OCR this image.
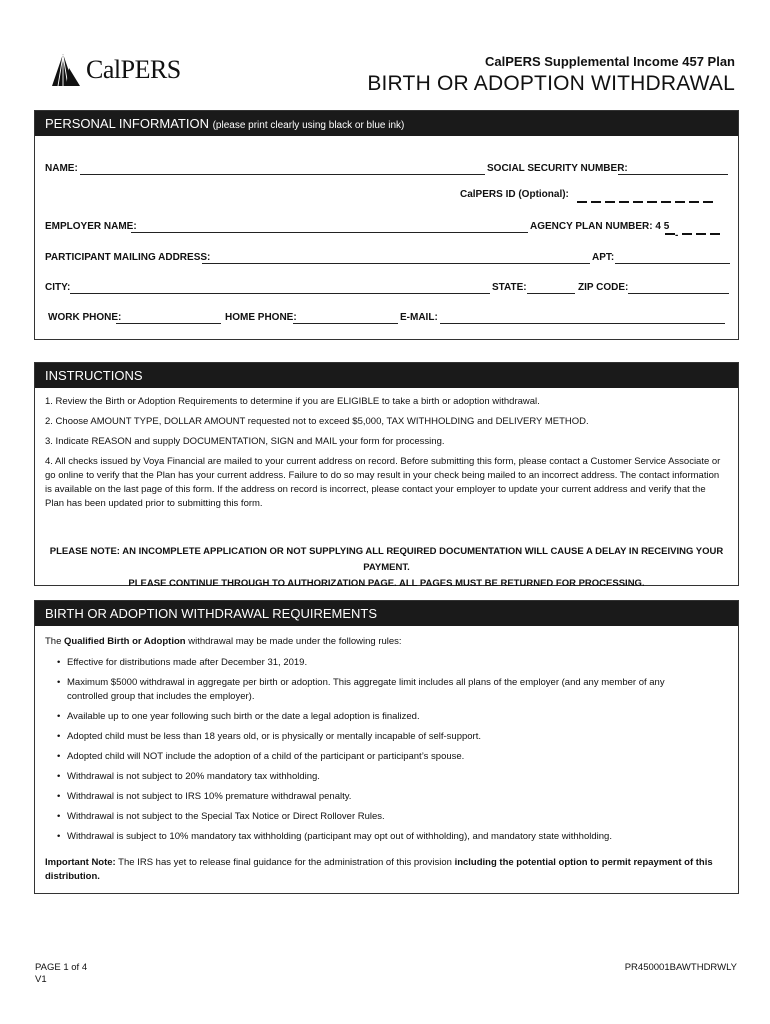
CalPERS	CalPERS Supplemental Income 457 Plan
BIRTH OR ADOPTION WITHDRAWAL
PERSONAL INFORMATION (please print clearly using black or blue ink)
NAME:	SOCIAL SECURITY NUMBER:
CalPERS ID (Optional):
EMPLOYER NAME:	AGENCY PLAN NUMBER: 4 5
-
PARTICIPANT MAILING ADDRESS:	APT:
CITY:	STATE:	ZIP CODE:
WORK PHONE:	HOME PHONE:	E-MAIL:
INSTRUCTIONS

1. Review the Birth or Adoption Requirements to determine if you are ELIGIBLE to take a birth or adoption withdrawal.

2. Choose AMOUNT TYPE, DOLLAR AMOUNT requested not to exceed $5,000, TAX WITHHOLDING and DELIVERY METHOD.

3. Indicate REASON and supply DOCUMENTATION, SIGN and MAIL your form for processing.

4. All checks issued by Voya Financial are mailed to your current address on record. Before submitting this form, please contact a Customer Service Associate or go online to verify that the Plan has your current address. Failure to do so may result in your check being mailed to an incorrect address. The contact information is available on the last page of this form. If the address on record is incorrect, please contact your employer to update your current address and verify that the Plan has been updated prior to submitting this form.

PLEASE NOTE: AN INCOMPLETE APPLICATION OR NOT SUPPLYING ALL REQUIRED DOCUMENTATION WILL CAUSE A DELAY IN RECEIVING YOUR PAYMENT.
PLEASE CONTINUE THROUGH TO AUTHORIZATION PAGE. ALL PAGES MUST BE RETURNED FOR PROCESSING.
BIRTH OR ADOPTION WITHDRAWAL REQUIREMENTS

The Qualified Birth or Adoption withdrawal may be made under the following rules:

• Effective for distributions made after December 31, 2019.

• Maximum $5000 withdrawal in aggregate per birth or adoption. This aggregate limit includes all plans of the employer (and any member of any controlled group that includes the employer).

• Available up to one year following such birth or the date a legal adoption is finalized.

• Adopted child must be less than 18 years old, or is physically or mentally incapable of self-support.

• Adopted child will NOT include the adoption of a child of the participant or participant’s spouse.

• Withdrawal is not subject to 20% mandatory tax withholding.

• Withdrawal is not subject to IRS 10% premature withdrawal penalty.

• Withdrawal is not subject to the Special Tax Notice or Direct Rollover Rules.

• Withdrawal is subject to 10% mandatory tax withholding (participant may opt out of withholding), and mandatory state withholding.

Important Note: The IRS has yet to release final guidance for the administration of this provision including the potential option to permit repayment of this distribution.

PAGE 1 of 4
V1
PR450001BAWTHDRWLY
